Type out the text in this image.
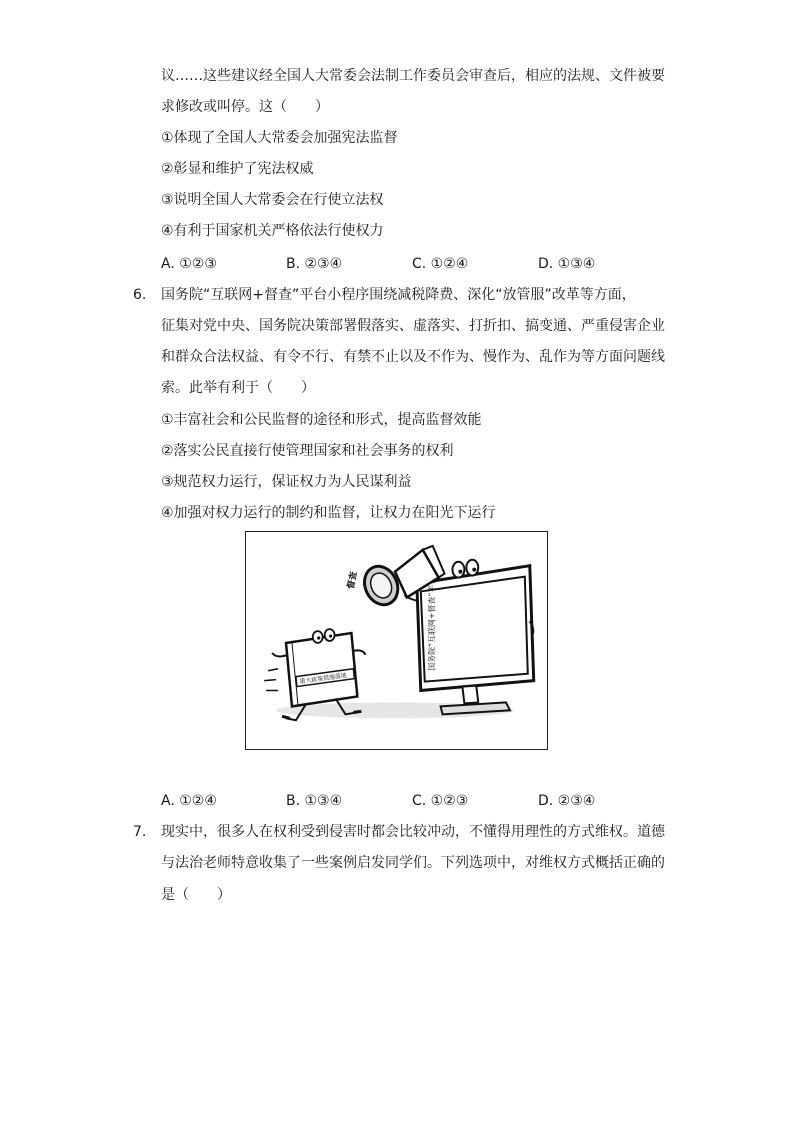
议……这些建议经全国人大常委会法制工作委员会审查后，相应的法规、文件被要
求修改或叫停。这（　　）
①体现了全国人大常委会加强宪法监督
②彰显和维护了宪法权威
③说明全国人大常委会在行使立法权
④有利于国家机关严格依法行使权力
A. ①②③	B. ②③④	C. ①②④	D. ①③④
6. 国务院“互联网+督查”平台小程序围绕减税降费、深化“放管服”改革等方面，
征集对党中央、国务院决策部署假落实、虚落实、打折扣、搞变通、严重侵害企业
和群众合法权益、有令不行、有禁不止以及不作为、慢作为、乱作为等方面问题线
索。此举有利于（　　）
①丰富社会和公民监督的途径和形式，提高监督效能
②落实公民直接行使管理国家和社会事务的权利
③规范权力运行，保证权力为人民谋利益
④加强对权力运行的制约和监督，让权力在阳光下运行
国务院“互联网+督查”平台
督查
重大政策措施落地
A. ①②④	B. ①③④	C. ①②③	D. ②③④
7. 现实中，很多人在权利受到侵害时都会比较冲动，不懂得用理性的方式维权。道德
与法治老师特意收集了一些案例启发同学们。下列选项中，对维权方式概括正确的
是（　　）
